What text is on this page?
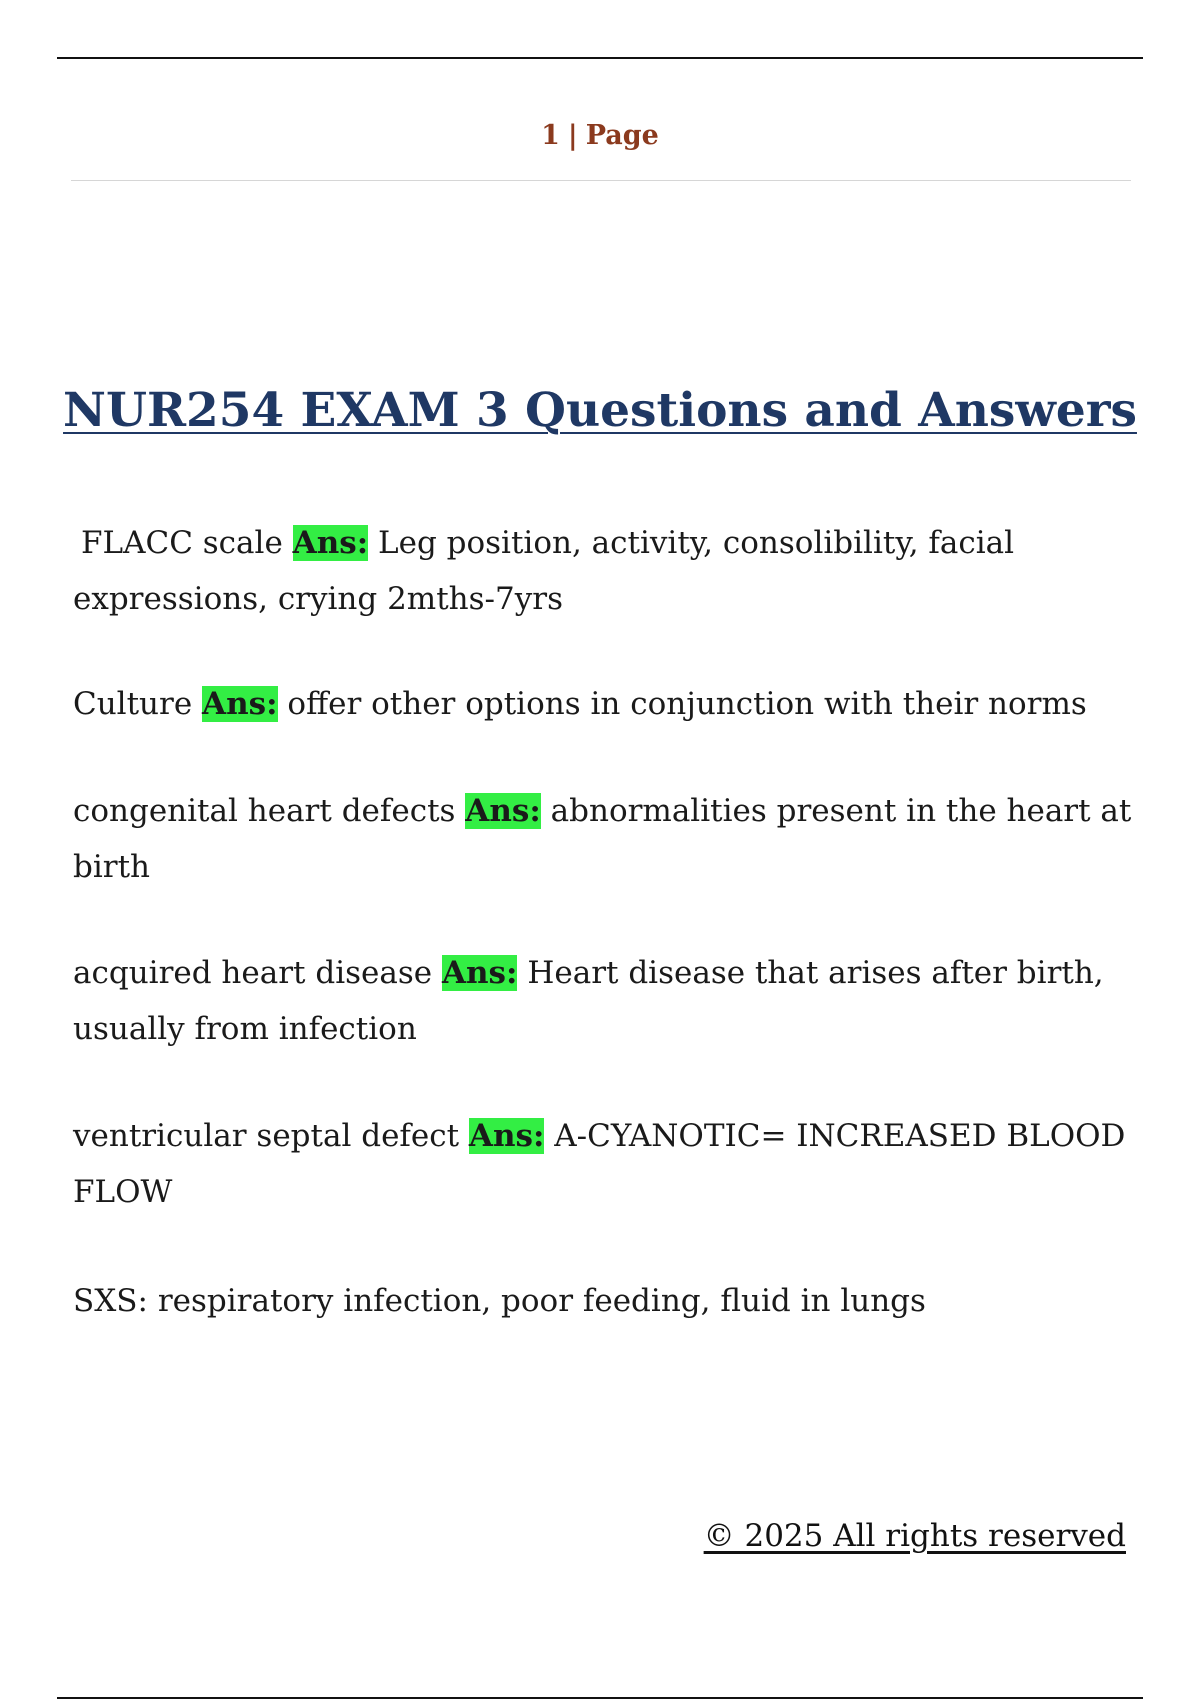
1 | Page
NUR254 EXAM 3 Questions and Answers

FLACC scale Ans: Leg position, activity, consolibility, facial expressions, crying 2mths-7yrs

Culture Ans: offer other options in conjunction with their norms

congenital heart defects Ans: abnormalities present in the heart at birth

acquired heart disease Ans: Heart disease that arises after birth, usually from infection

ventricular septal defect Ans: A-CYANOTIC= INCREASED BLOOD FLOW

SXS: respiratory infection, poor feeding, fluid in lungs

© 2025 All rights reserved
